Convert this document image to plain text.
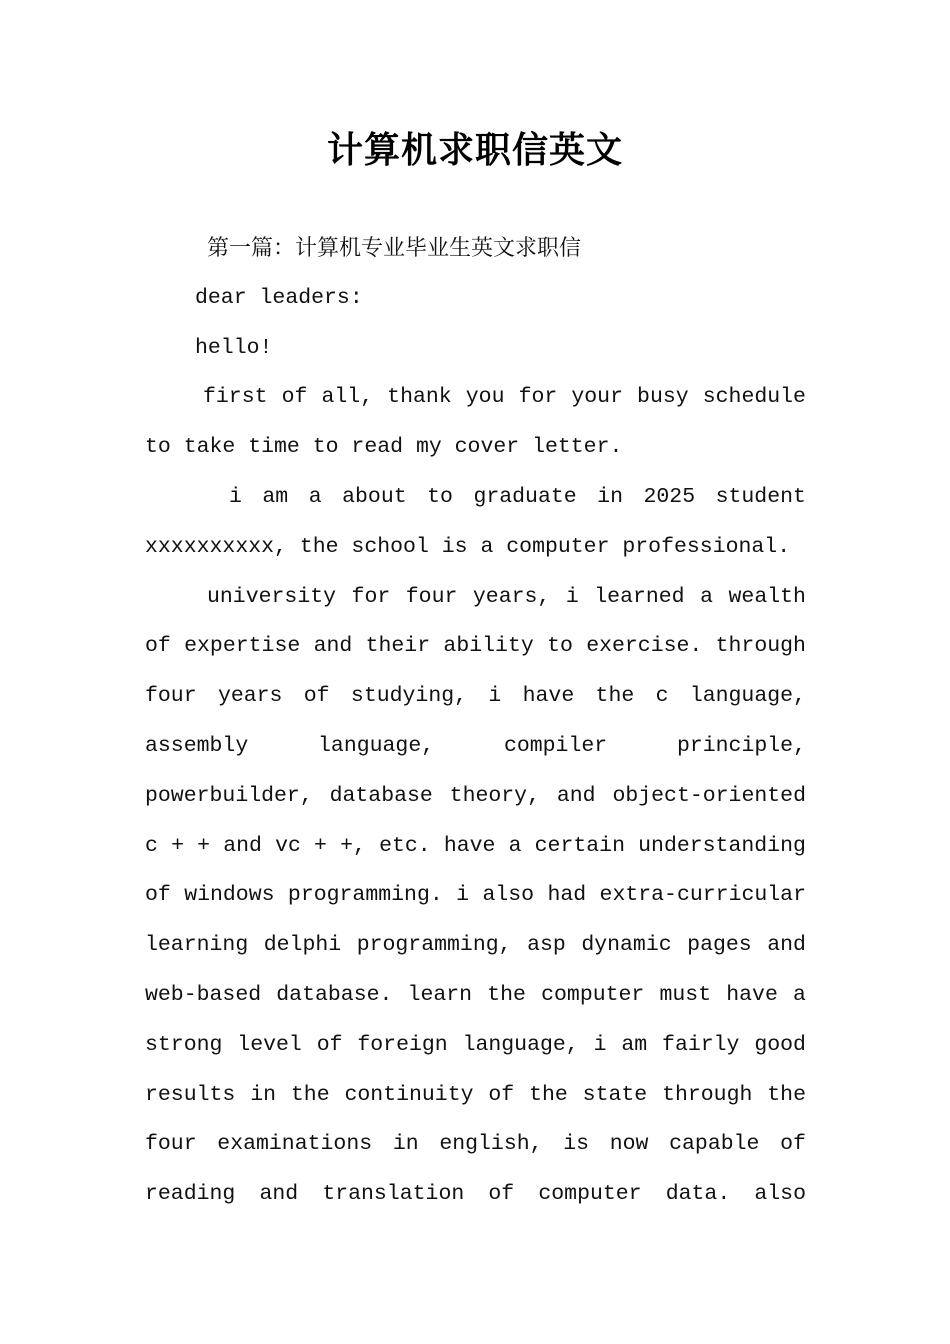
计算机求职信英文
第一篇：计算机专业毕业生英文求职信
dear leaders:
hello!
first of all, thank you for your busy schedule
to take time to read my cover letter.
i am a about to graduate in 2025 student
xxxxxxxxxx, the school is a computer professional.
university for four years, i learned a wealth
of expertise and their ability to exercise. through
four years of studying, i have the c language,
assembly	language,	compiler	principle,
powerbuilder, database theory, and object-oriented
c + + and vc + +, etc. have a certain understanding
of windows programming. i also had extra-curricular
learning delphi programming, asp dynamic pages and
web-based database. learn the computer must have a
strong level of foreign language, i am fairly good
results in the continuity of the state through the
four examinations in english, is now capable of
reading and translation of computer data. also
